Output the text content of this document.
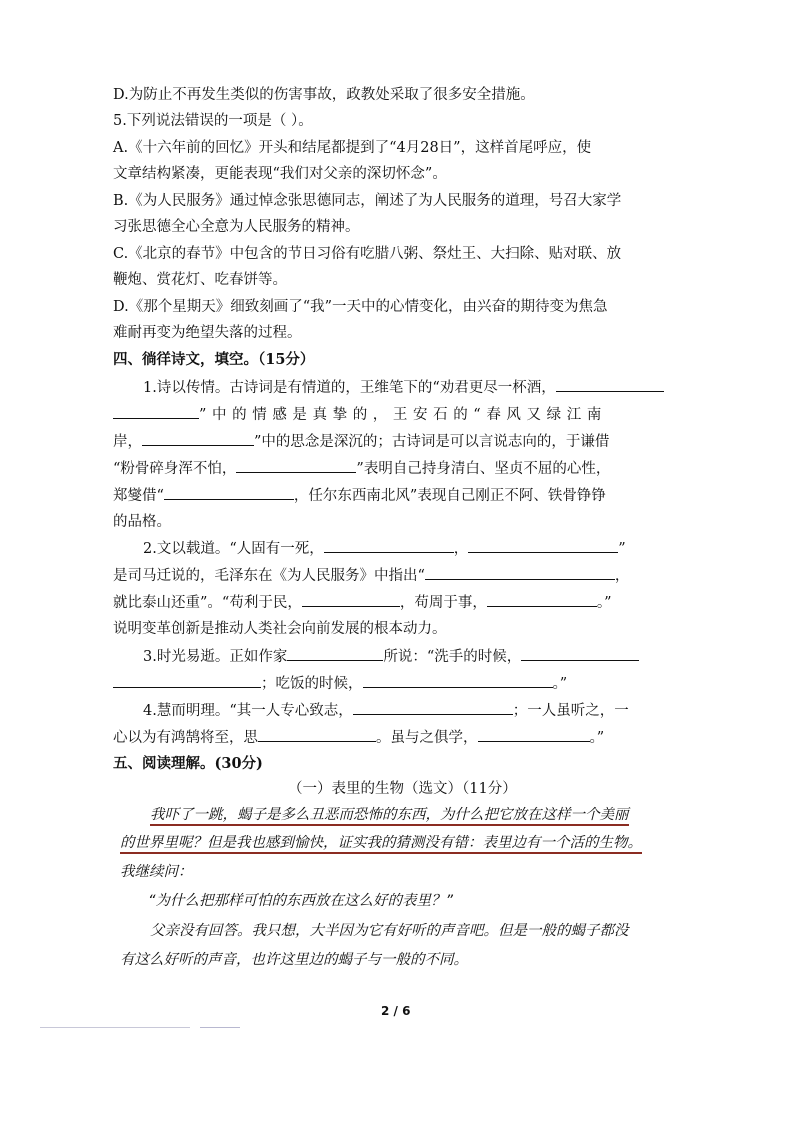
D.为防止不再发生类似的伤害事故，政教处采取了很多安全措施。
5.下列说法错误的一项是（ ）。
A.《十六年前的回忆》开头和结尾都提到了“4月28日”，这样首尾呼应，使
文章结构紧凑，更能表现“我们对父亲的深切怀念”。
B.《为人民服务》通过悼念张思德同志，阐述了为人民服务的道理，号召大家学
习张思德全心全意为人民服务的精神。
C.《北京的春节》中包含的节日习俗有吃腊八粥、祭灶王、大扫除、贴对联、放
鞭炮、赏花灯、吃春饼等。
D.《那个星期天》细致刻画了“我”一天中的心情变化，由兴奋的期待变为焦急
难耐再变为绝望失落的过程。
四、徜徉诗文，填空。（15分）
1.诗以传情。古诗词是有情道的，王维笔下的“劝君更尽一杯酒，
”中的情感是真挚的，王安石的“春风又绿江南
岸，	”中的思念是深沉的；古诗词是可以言说志向的，于谦借
“粉骨碎身浑不怕，	”表明自己持身清白、坚贞不屈的心性，
郑燮借“	，任尔东西南北风”表现自己刚正不阿、铁骨铮铮
的品格。
2.文以载道。“人固有一死，	，	”
是司马迁说的，毛泽东在《为人民服务》中指出“	，
就比泰山还重”。“苟利于民，	，苟周于事，	。”
说明变革创新是推动人类社会向前发展的根本动力。
3.时光易逝。正如作家	所说：“洗手的时候，
；吃饭的时候，	。”
4.慧而明理。“其一人专心致志，	；一人虽听之，一
心以为有鸿鹄将至，思	。虽与之俱学，	。”
五、阅读理解。(30分)
（一）表里的生物（选文）（11分）
我吓了一跳，蝎子是多么丑恶而恐怖的东西，为什么把它放在这样一个美丽
的世界里呢？但是我也感到愉快，证实我的猜测没有错：表里边有一个活的生物。
我继续问：
“为什么把那样可怕的东西放在这么好的表里？”
父亲没有回答。我只想，大半因为它有好听的声音吧。但是一般的蝎子都没
有这么好听的声音，也许这里边的蝎子与一般的不同。
2 / 6
